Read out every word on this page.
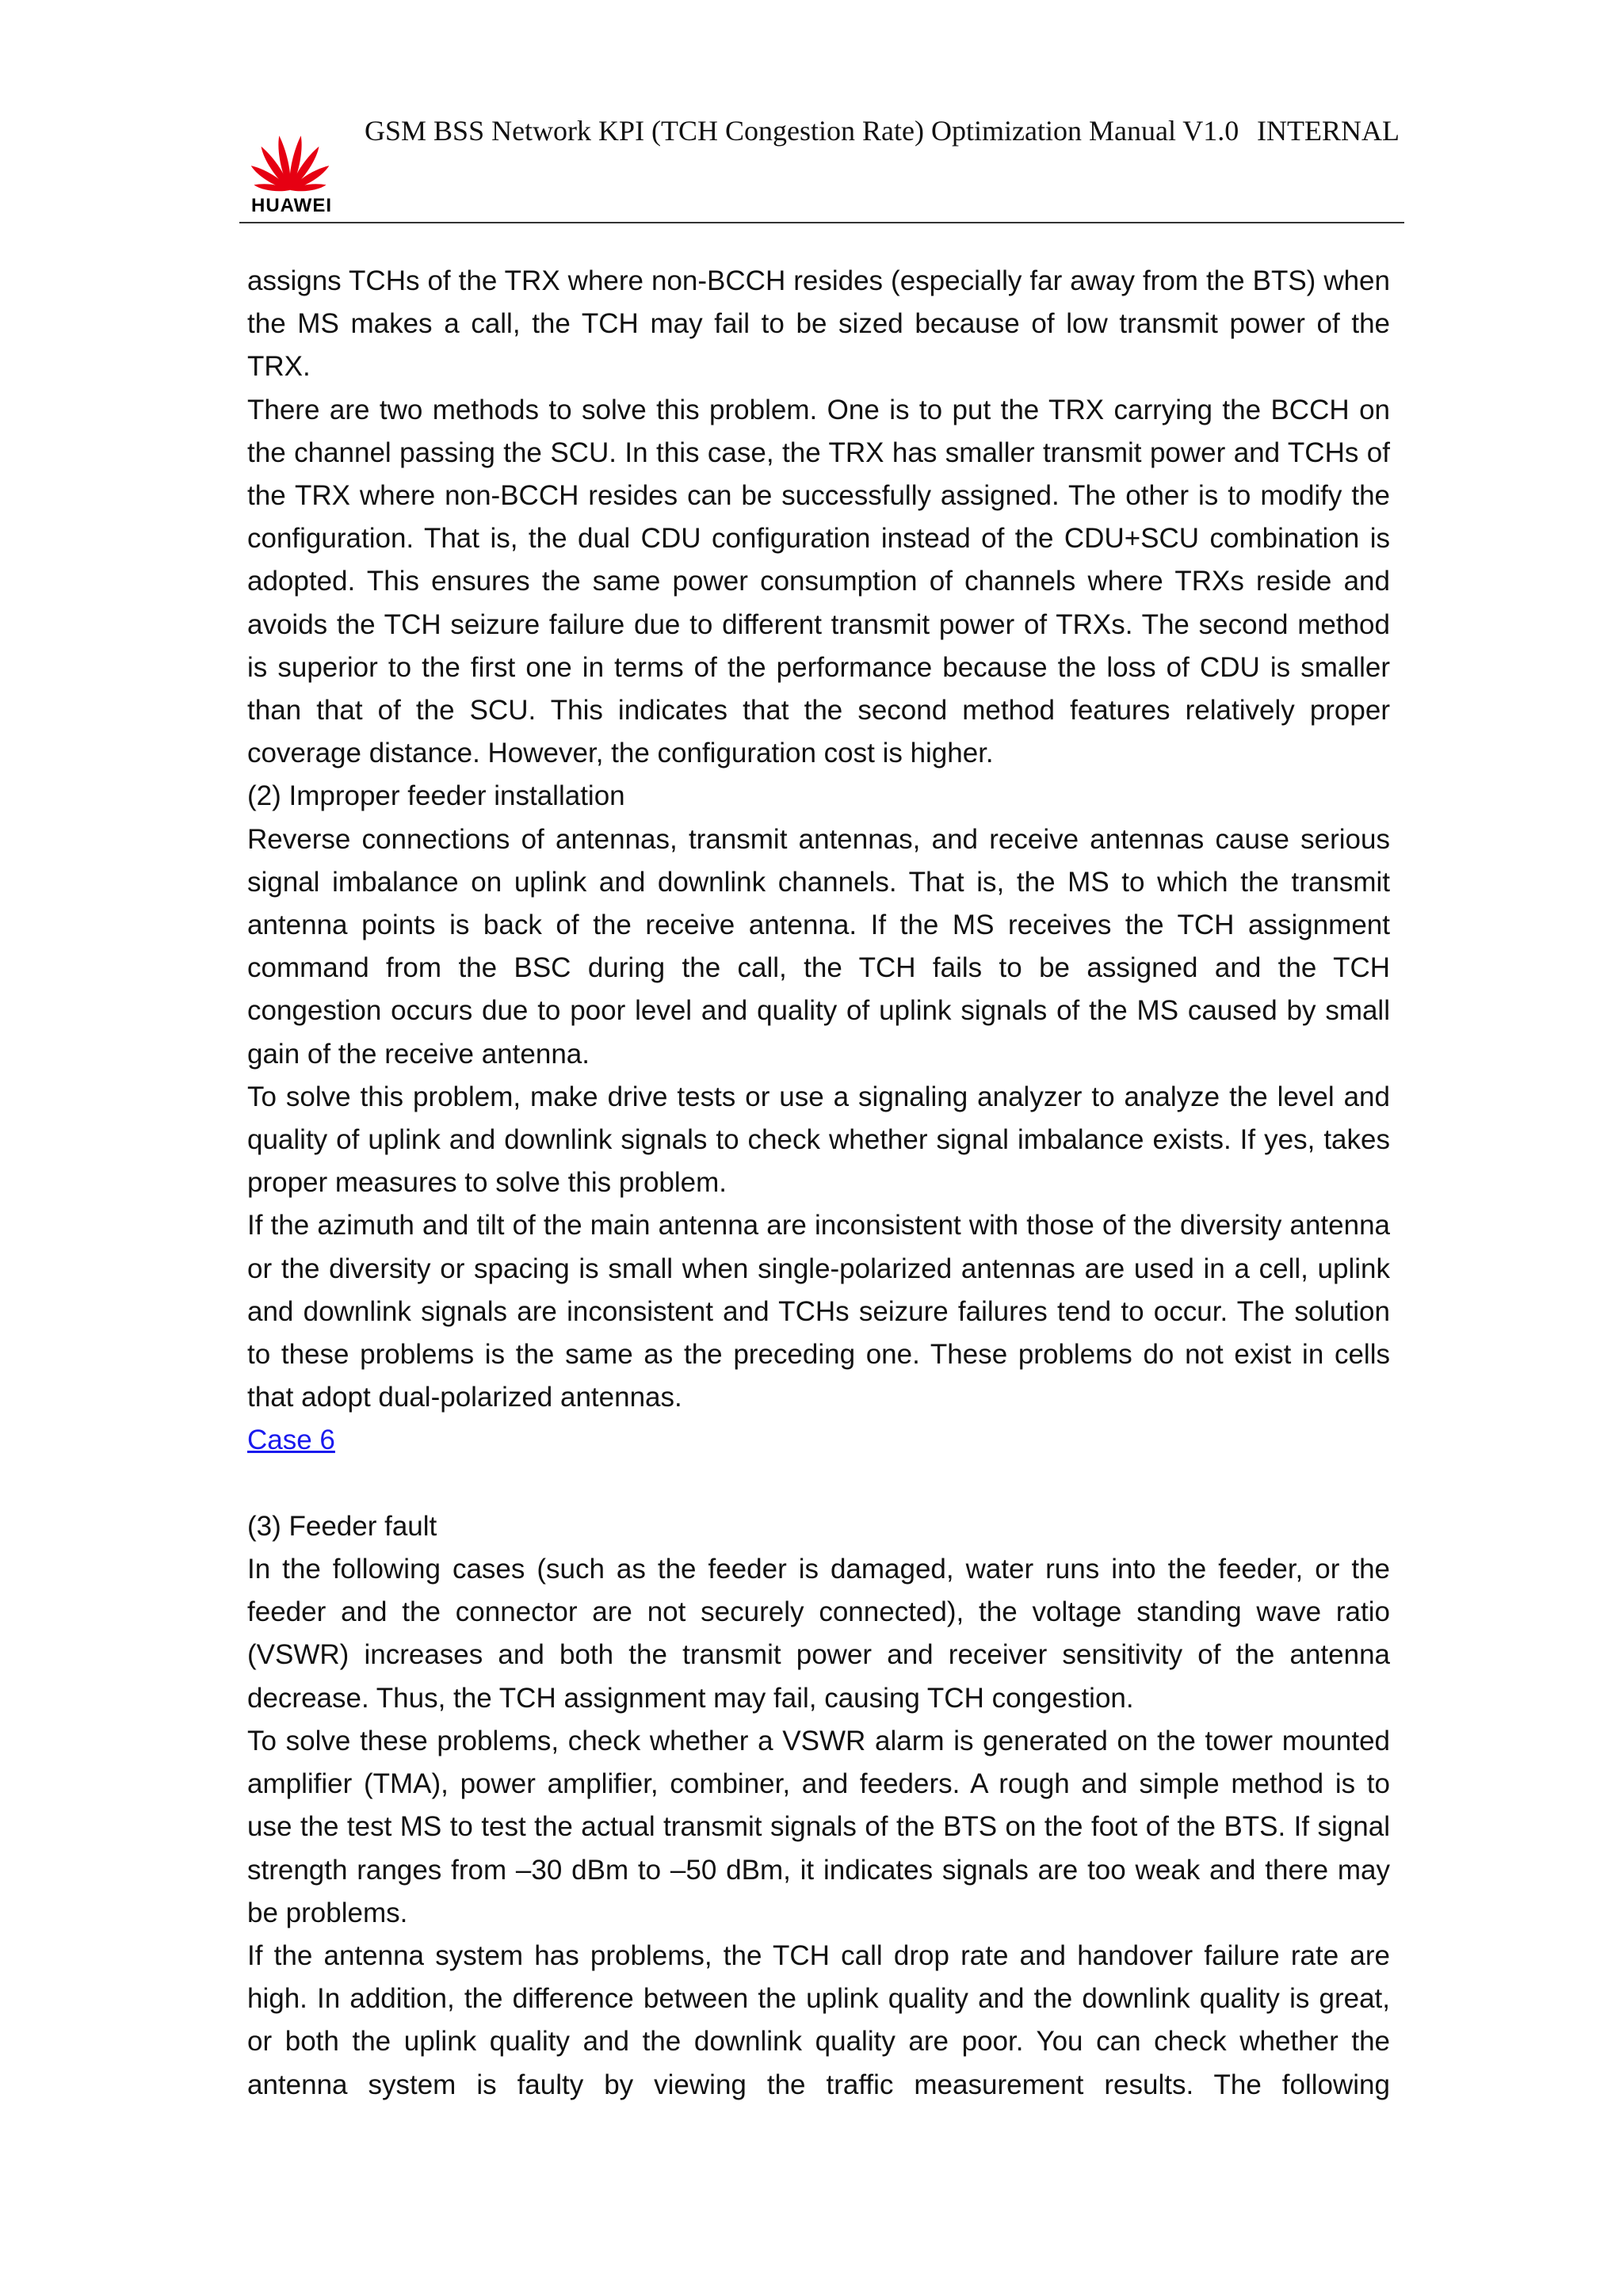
HUAWEI
GSM BSS Network KPI (TCH Congestion Rate) Optimization Manual V1.0 INTERNAL

assigns TCHs of the TRX where non-BCCH resides (especially far away from the BTS) when the MS makes a call, the TCH may fail to be sized because of low transmit power of the TRX.

There are two methods to solve this problem. One is to put the TRX carrying the BCCH on the channel passing the SCU. In this case, the TRX has smaller transmit power and TCHs of the TRX where non-BCCH resides can be successfully assigned. The other is to modify the configuration. That is, the dual CDU configuration instead of the CDU+SCU combination is adopted. This ensures the same power consumption of channels where TRXs reside and avoids the TCH seizure failure due to different transmit power of TRXs. The second method is superior to the first one in terms of the performance because the loss of CDU is smaller than that of the SCU. This indicates that the second method features relatively proper coverage distance. However, the configuration cost is higher.

(2) Improper feeder installation

Reverse connections of antennas, transmit antennas, and receive antennas cause serious signal imbalance on uplink and downlink channels. That is, the MS to which the transmit antenna points is back of the receive antenna. If the MS receives the TCH assignment command from the BSC during the call, the TCH fails to be assigned and the TCH congestion occurs due to poor level and quality of uplink signals of the MS caused by small gain of the receive antenna.

To solve this problem, make drive tests or use a signaling analyzer to analyze the level and quality of uplink and downlink signals to check whether signal imbalance exists. If yes, takes proper measures to solve this problem.

If the azimuth and tilt of the main antenna are inconsistent with those of the diversity antenna or the diversity or spacing is small when single-polarized antennas are used in a cell, uplink and downlink signals are inconsistent and TCHs seizure failures tend to occur. The solution to these problems is the same as the preceding one. These problems do not exist in cells that adopt dual-polarized antennas.

Case 6

(3) Feeder fault

In the following cases (such as the feeder is damaged, water runs into the feeder, or the feeder and the connector are not securely connected), the voltage standing wave ratio (VSWR) increases and both the transmit power and receiver sensitivity of the antenna decrease. Thus, the TCH assignment may fail, causing TCH congestion.

To solve these problems, check whether a VSWR alarm is generated on the tower mounted amplifier (TMA), power amplifier, combiner, and feeders. A rough and simple method is to use the test MS to test the actual transmit signals of the BTS on the foot of the BTS. If signal strength ranges from –30 dBm to –50 dBm, it indicates signals are too weak and there may be problems.

If the antenna system has problems, the TCH call drop rate and handover failure rate are high. In addition, the difference between the uplink quality and the downlink quality is great, or both the uplink quality and the downlink quality are poor. You can check whether the antenna system is faulty by viewing the traffic measurement results. The following
